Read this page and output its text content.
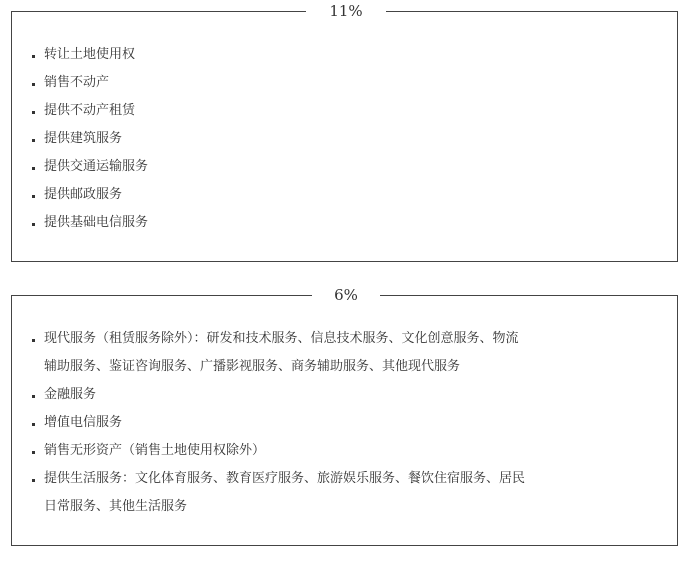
11%
转让土地使用权
销售不动产
提供不动产租赁
提供建筑服务
提供交通运输服务
提供邮政服务
提供基础电信服务
6%
现代服务（租赁服务除外）：研发和技术服务、信息技术服务、文化创意服务、物流
辅助服务、鉴证咨询服务、广播影视服务、商务辅助服务、其他现代服务
金融服务
增值电信服务
销售无形资产（销售土地使用权除外）
提供生活服务：文化体育服务、教育医疗服务、旅游娱乐服务、餐饮住宿服务、居民
日常服务、其他生活服务
